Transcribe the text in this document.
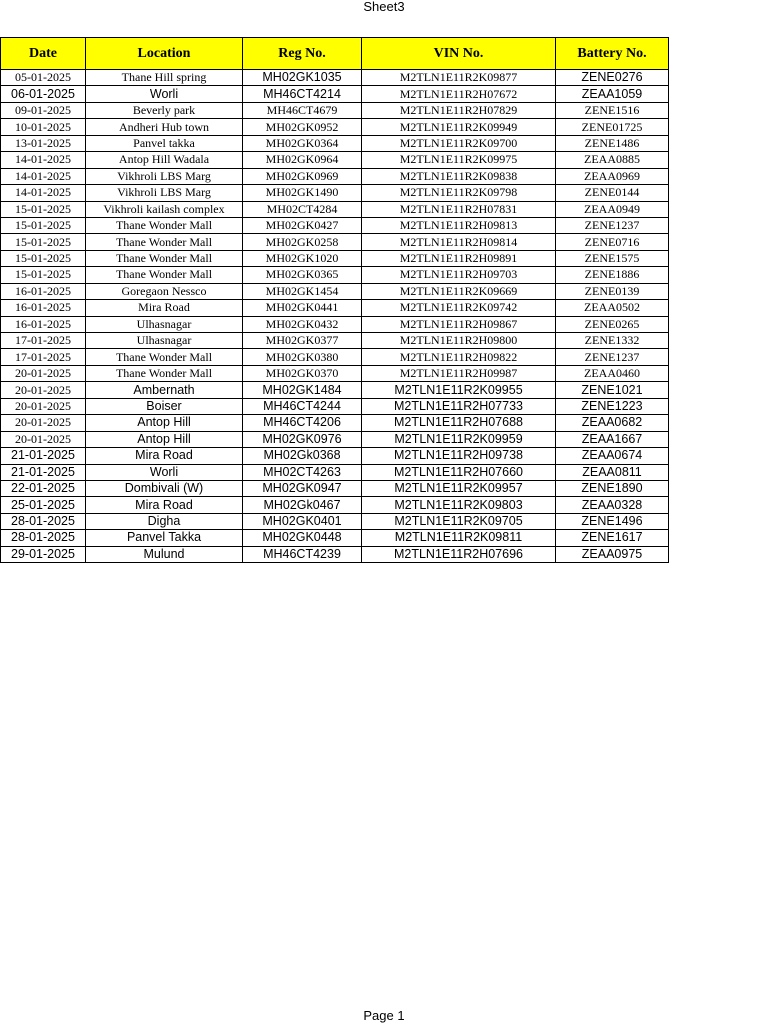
Sheet3
Date	Location	Reg No.	VIN No.	Battery No.
05-01-2025	Thane Hill spring	MH02GK1035	M2TLN1E11R2K09877	ZENE0276
06-01-2025	Worli	MH46CT4214	M2TLN1E11R2H07672	ZEAA1059
09-01-2025	Beverly park	MH46CT4679	M2TLN1E11R2H07829	ZENE1516
10-01-2025	Andheri Hub town	MH02GK0952	M2TLN1E11R2K09949	ZENE01725
13-01-2025	Panvel takka	MH02GK0364	M2TLN1E11R2K09700	ZENE1486
14-01-2025	Antop Hill Wadala	MH02GK0964	M2TLN1E11R2K09975	ZEAA0885
14-01-2025	Vikhroli LBS Marg	MH02GK0969	M2TLN1E11R2K09838	ZEAA0969
14-01-2025	Vikhroli LBS Marg	MH02GK1490	M2TLN1E11R2K09798	ZENE0144
15-01-2025	Vikhroli kailash complex	MH02CT4284	M2TLN1E11R2H07831	ZEAA0949
15-01-2025	Thane Wonder Mall	MH02GK0427	M2TLN1E11R2H09813	ZENE1237
15-01-2025	Thane Wonder Mall	MH02GK0258	M2TLN1E11R2H09814	ZENE0716
15-01-2025	Thane Wonder Mall	MH02GK1020	M2TLN1E11R2H09891	ZENE1575
15-01-2025	Thane Wonder Mall	MH02GK0365	M2TLN1E11R2H09703	ZENE1886
16-01-2025	Goregaon Nessco	MH02GK1454	M2TLN1E11R2K09669	ZENE0139
16-01-2025	Mira Road	MH02GK0441	M2TLN1E11R2K09742	ZEAA0502
16-01-2025	Ulhasnagar	MH02GK0432	M2TLN1E11R2H09867	ZENE0265
17-01-2025	Ulhasnagar	MH02GK0377	M2TLN1E11R2H09800	ZENE1332
17-01-2025	Thane Wonder Mall	MH02GK0380	M2TLN1E11R2H09822	ZENE1237
20-01-2025	Thane Wonder Mall	MH02GK0370	M2TLN1E11R2H09987	ZEAA0460
20-01-2025	Ambernath	MH02GK1484	M2TLN1E11R2K09955	ZENE1021
20-01-2025	Boiser	MH46CT4244	M2TLN1E11R2H07733	ZENE1223
20-01-2025	Antop Hill	MH46CT4206	M2TLN1E11R2H07688	ZEAA0682
20-01-2025	Antop Hill	MH02GK0976	M2TLN1E11R2K09959	ZEAA1667
21-01-2025	Mira Road	MH02Gk0368	M2TLN1E11R2H09738	ZEAA0674
21-01-2025	Worli	MH02CT4263	M2TLN1E11R2H07660	ZEAA0811
22-01-2025	Dombivali (W)	MH02GK0947	M2TLN1E11R2K09957	ZENE1890
25-01-2025	Mira Road	MH02Gk0467	M2TLN1E11R2K09803	ZEAA0328
28-01-2025	Digha	MH02GK0401	M2TLN1E11R2K09705	ZENE1496
28-01-2025	Panvel Takka	MH02GK0448	M2TLN1E11R2K09811	ZENE1617
29-01-2025	Mulund	MH46CT4239	M2TLN1E11R2H07696	ZEAA0975
Page 1
